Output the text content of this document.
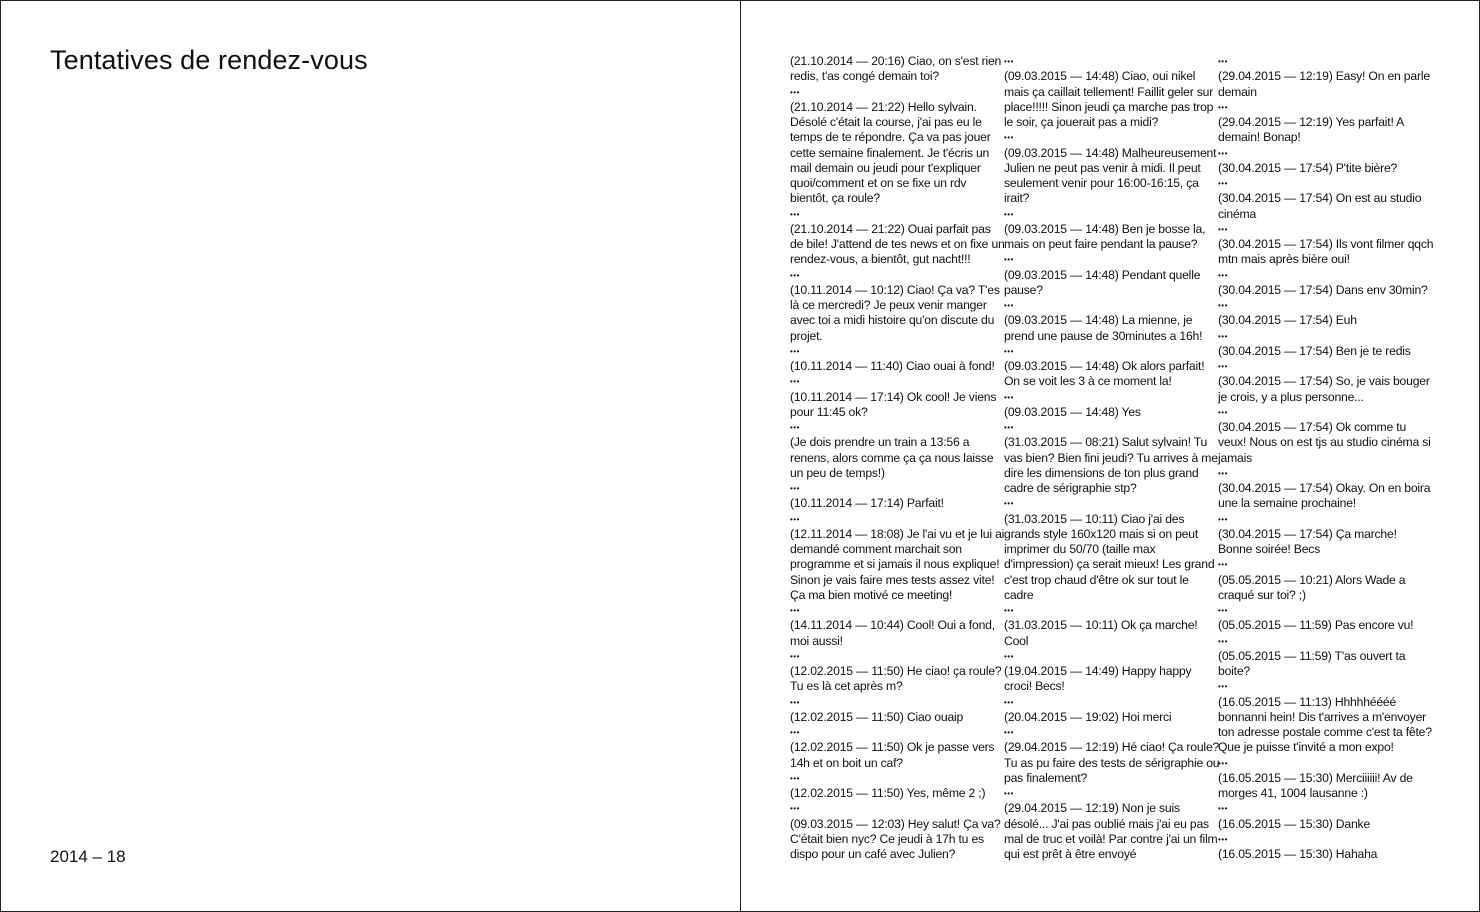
Tentatives de rendez-vous
2014 – 18

(21.10.2014 — 20:16) Ciao, on s'est rien redis, t'as congé demain toi?

•••

(21.10.2014 — 21:22) Hello sylvain. Désolé c'était la course, j'ai pas eu le temps de te répondre. Ça va pas jouer cette semaine finalement. Je t'écris un mail demain ou jeudi pour t'expliquer quoi/comment et on se fixe un rdv bientôt, ça roule?

•••

(21.10.2014 — 21:22) Ouai parfait pas de bile! J'attend de tes news et on fixe un rendez-vous, a bientôt, gut nacht!!!

•••

(10.11.2014 — 10:12) Ciao! Ça va? T'es là ce mercredi? Je peux venir manger avec toi a midi histoire qu'on discute du projet.

•••

(10.11.2014 — 11:40) Ciao ouai à fond!

•••

(10.11.2014 — 17:14) Ok cool! Je viens pour 11:45 ok?

•••

(Je dois prendre un train a 13:56 a renens, alors comme ça ça nous laisse un peu de temps!)

•••

(10.11.2014 — 17:14) Parfait!

•••

(12.11.2014 — 18:08) Je l'ai vu et je lui ai demandé comment marchait son programme et si jamais il nous explique! Sinon je vais faire mes tests assez vite! Ça ma bien motivé ce meeting!

•••

(14.11.2014 — 10:44) Cool! Oui a fond, moi aussi!

•••

(12.02.2015 — 11:50) He ciao! ça roule? Tu es là cet après m?

•••

(12.02.2015 — 11:50) Ciao ouaip

•••

(12.02.2015 — 11:50) Ok je passe vers 14h et on boit un caf?

•••

(12.02.2015 — 11:50) Yes, même 2 ;)

•••

(09.03.2015 — 12:03) Hey salut! Ça va? C'était bien nyc? Ce jeudi à 17h tu es dispo pour un café avec Julien?

•••

(09.03.2015 — 14:48) Ciao, oui nikel mais ça caillait tellement! Faillit geler sur place!!!!! Sinon jeudi ça marche pas trop le soir, ça jouerait pas a midi?

•••

(09.03.2015 — 14:48) Malheureusement Julien ne peut pas venir à midi. Il peut seulement venir pour 16:00-16:15, ça irait?

•••

(09.03.2015 — 14:48) Ben je bosse la, mais on peut faire pendant la pause?

•••

(09.03.2015 — 14:48) Pendant quelle pause?

•••

(09.03.2015 — 14:48) La mienne, je prend une pause de 30minutes a 16h!

•••

(09.03.2015 — 14:48) Ok alors parfait! On se voit les 3 à ce moment la!

•••

(09.03.2015 — 14:48) Yes

•••

(31.03.2015 — 08:21) Salut sylvain! Tu vas bien? Bien fini jeudi? Tu arrives à me dire les dimensions de ton plus grand cadre de sérigraphie stp?

•••

(31.03.2015 — 10:11) Ciao j'ai des grands style 160x120 mais si on peut imprimer du 50/70 (taille max d'impression) ça serait mieux! Les grand c'est trop chaud d'être ok sur tout le cadre

•••

(31.03.2015 — 10:11) Ok ça marche! Cool

•••

(19.04.2015 — 14:49) Happy happy croci! Becs!

•••

(20.04.2015 — 19:02) Hoi merci

•••

(29.04.2015 — 12:19) Hé ciao! Ça roule? Tu as pu faire des tests de sérigraphie ou pas finalement?

•••

(29.04.2015 — 12:19) Non je suis désolé... J'ai pas oublié mais j'ai eu pas mal de truc et voilà! Par contre j'ai un film qui est prêt à être envoyé

•••

(29.04.2015 — 12:19) Easy! On en parle demain

•••

(29.04.2015 — 12:19) Yes parfait! A demain! Bonap!

•••

(30.04.2015 — 17:54) P'tite bière?

•••

(30.04.2015 — 17:54) On est au studio cinéma

•••

(30.04.2015 — 17:54) Ils vont filmer qqch mtn mais après bière oui!

•••

(30.04.2015 — 17:54) Dans env 30min?

•••

(30.04.2015 — 17:54) Euh

•••

(30.04.2015 — 17:54) Ben je te redis

•••

(30.04.2015 — 17:54) So, je vais bouger je crois, y a plus personne...

•••

(30.04.2015 — 17:54) Ok comme tu veux! Nous on est tjs au studio cinéma si jamais

•••

(30.04.2015 — 17:54) Okay. On en boira une la semaine prochaine!

•••

(30.04.2015 — 17:54) Ça marche! Bonne soirée! Becs

•••

(05.05.2015 — 10:21) Alors Wade a craqué sur toi? ;)

•••

(05.05.2015 — 11:59) Pas encore vu!

•••

(05.05.2015 — 11:59) T'as ouvert ta boite?

•••

(16.05.2015 — 11:13) Hhhhhéééé bonnanni hein! Dis t'arrives a m'envoyer ton adresse postale comme c'est ta fête? Que je puisse t'invité a mon expo!

•••

(16.05.2015 — 15:30) Merciiiiii! Av de morges 41, 1004 lausanne :)

•••

(16.05.2015 — 15:30) Danke

•••

(16.05.2015 — 15:30) Hahaha
